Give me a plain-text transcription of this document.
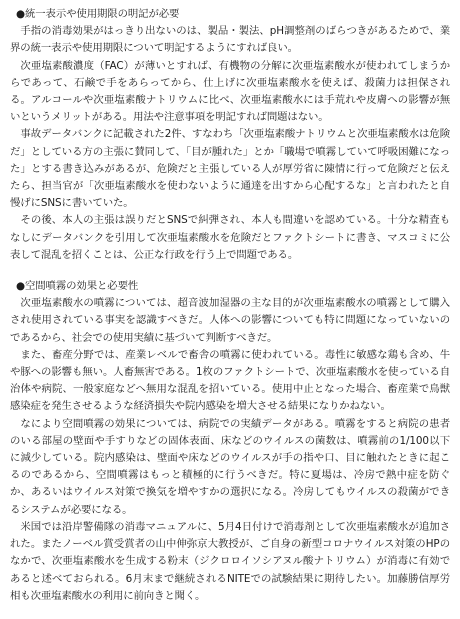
●統一表示や使用期限の明記が必要

手指の消毒効果がはっきり出ないのは、製品・製法、pH調整剤のばらつきがあるためで、業界の統一表示や使用期限について明記するようにすれば良い。

次亜塩素酸濃度（FAC）が薄いとすれば、有機物の分解に次亜塩素酸水が使われてしまうからであって、石鹸で手をあらってから、仕上げに次亜塩素酸水を使えば、殺菌力は担保される。アルコールや次亜塩素酸ナトリウムに比べ、次亜塩素酸水には手荒れや皮膚への影響が無いというメリットがある。用法や注意事項を明記すれば問題はない。

事故データバンクに記載された2件、すなわち「次亜塩素酸ナトリウムと次亜塩素酸水は危険だ」としている方の主張に賛同して、「目が腫れた」とか「職場で噴霧していて呼吸困難になった」とする書き込みがあるが、危険だと主張している人が厚労省に陳情に行って危険だと伝えたら、担当官が「次亜塩素酸水を使わないように通達を出すから心配するな」と言われたと自慢げにSNSに書いていた。

その後、本人の主張は誤りだとSNSで糾弾され、本人も間違いを認めている。十分な精査もなしにデータバンクを引用して次亜塩素酸水を危険だとファクトシートに書き、マスコミに公表して混乱を招くことは、公正な行政を行う上で問題である。

●空間噴霧の効果と必要性

次亜塩素酸水の噴霧については、超音波加湿器の主な目的が次亜塩素酸水の噴霧として購入され使用されている事実を認識すべきだ。人体への影響についても特に問題になっていないのであるから、社会での使用実績に基づいて判断すべきだ。

また、畜産分野では、産業レベルで畜舎の噴霧に使われている。毒性に敏感な鶏も含め、牛や豚への影響も無い。人畜無害である。1枚のファクトシートで、次亜塩素酸水を使っている自治体や病院、一般家庭などへ無用な混乱を招いている。使用中止となった場合、畜産業で鳥獣感染症を発生させるような経済損失や院内感染を増大させる結果になりかねない。

なにより空間噴霧の効果については、病院での実績データがある。噴霧をすると病院の患者のいる部屋の壁面や手すりなどの固体表面、床などのウイルスの菌数は、噴霧前の1/100以下に減少している。院内感染は、壁面や床などのウイルスが手の指や口、目に触れたときに起こるのであるから、空間噴霧はもっと積極的に行うべきだ。特に夏場は、冷房で熱中症を防ぐか、あるいはウイルス対策で換気を増やすかの選択になる。冷房してもウイルスの殺菌ができるシステムが必要になる。

米国では沿岸警備隊の消毒マニュアルに、5月4日付けで消毒剤として次亜塩素酸水が追加された。またノーベル賞受賞者の山中伸弥京大教授が、ご自身の新型コロナウイルス対策のHPのなかで、次亜塩素酸水を生成する粉末（ジクロロイソシアヌル酸ナトリウム）が消毒に有効であると述べておられる。6月末まで継続されるNITEでの試験結果に期待したい。加藤勝信厚労相も次亜塩素酸水の利用に前向きと聞く。
